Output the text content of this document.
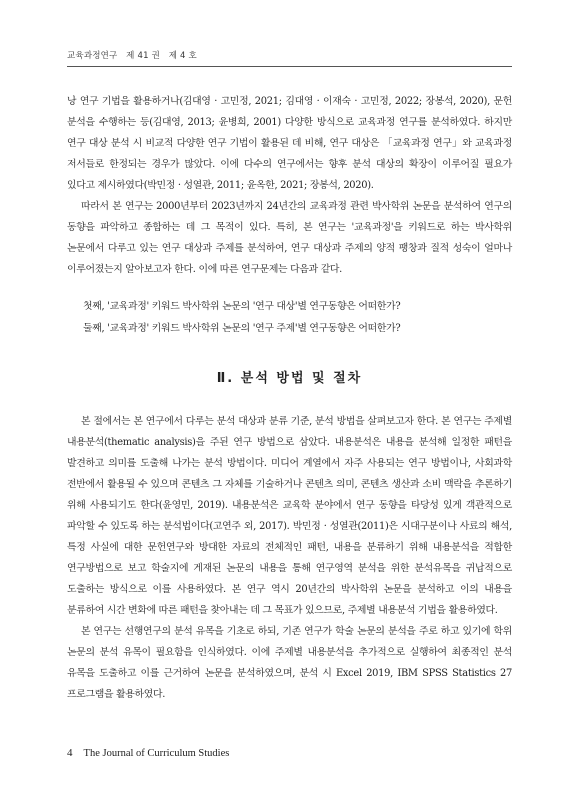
교육과정연구　제 41 권　제 4 호

낭 연구 기법을 활용하거나(김대영 · 고민정, 2021; 김대영 · 이재숙 · 고민정, 2022; 장봉석, 2020), 문헌 분석을 수행하는 등(김대영, 2013; 윤병희, 2001) 다양한 방식으로 교육과정 연구를 분석하였다. 하지만 연구 대상 분석 시 비교적 다양한 연구 기법이 활용된 데 비해, 연구 대상은 「교육과정 연구」와 교육과정 저서들로 한정되는 경우가 많았다. 이에 다수의 연구에서는 향후 분석 대상의 확장이 이루어질 필요가 있다고 제시하였다(박민정 · 성열관, 2011; 윤옥한, 2021; 장봉석, 2020).

따라서 본 연구는 2000년부터 2023년까지 24년간의 교육과정 관련 박사학위 논문을 분석하여 연구의 동향을 파악하고 종합하는 데 그 목적이 있다. 특히, 본 연구는 '교육과정'을 키워드로 하는 박사학위 논문에서 다루고 있는 연구 대상과 주제를 분석하여, 연구 대상과 주제의 양적 팽창과 질적 성숙이 얼마나 이루어졌는지 알아보고자 한다. 이에 따른 연구문제는 다음과 같다.

첫째, '교육과정' 키워드 박사학위 논문의 '연구 대상'별 연구동향은 어떠한가?
둘째, '교육과정' 키워드 박사학위 논문의 '연구 주제'별 연구동향은 어떠한가?
Ⅱ. 분석 방법 및 절차

본 절에서는 본 연구에서 다루는 분석 대상과 분류 기준, 분석 방법을 살펴보고자 한다. 본 연구는 주제별 내용분석(thematic analysis)을 주된 연구 방법으로 삼았다. 내용분석은 내용을 분석해 일정한 패턴을 발견하고 의미를 도출해 나가는 분석 방법이다. 미디어 계열에서 자주 사용되는 연구 방법이나, 사회과학 전반에서 활용될 수 있으며 콘텐츠 그 자체를 기술하거나 콘텐츠 의미, 콘텐츠 생산과 소비 맥락을 추론하기 위해 사용되기도 한다(윤영민, 2019). 내용분석은 교육학 분야에서 연구 동향을 타당성 있게 객관적으로 파악할 수 있도록 하는 분석법이다(고연주 외, 2017). 박민정 · 성열관(2011)은 시대구분이나 사료의 해석, 특정 사실에 대한 문헌연구와 방대한 자료의 전체적인 패턴, 내용을 분류하기 위해 내용분석을 적합한 연구방법으로 보고 학술지에 게재된 논문의 내용을 통해 연구영역 분석을 위한 분석유목을 귀납적으로 도출하는 방식으로 이를 사용하였다. 본 연구 역시 20년간의 박사학위 논문을 분석하고 이의 내용을 분류하여 시간 변화에 따른 패턴을 찾아내는 데 그 목표가 있으므로, 주제별 내용분석 기법을 활용하였다.

본 연구는 선행연구의 분석 유목을 기초로 하되, 기존 연구가 학술 논문의 분석을 주로 하고 있기에 학위 논문의 분석 유목이 필요함을 인식하였다. 이에 주제별 내용분석을 추가적으로 실행하여 최종적인 분석 유목을 도출하고 이를 근거하여 논문을 분석하였으며, 분석 시 Excel 2019, IBM SPSS Statistics 27 프로그램을 활용하였다.

4 The Journal of Curriculum Studies
